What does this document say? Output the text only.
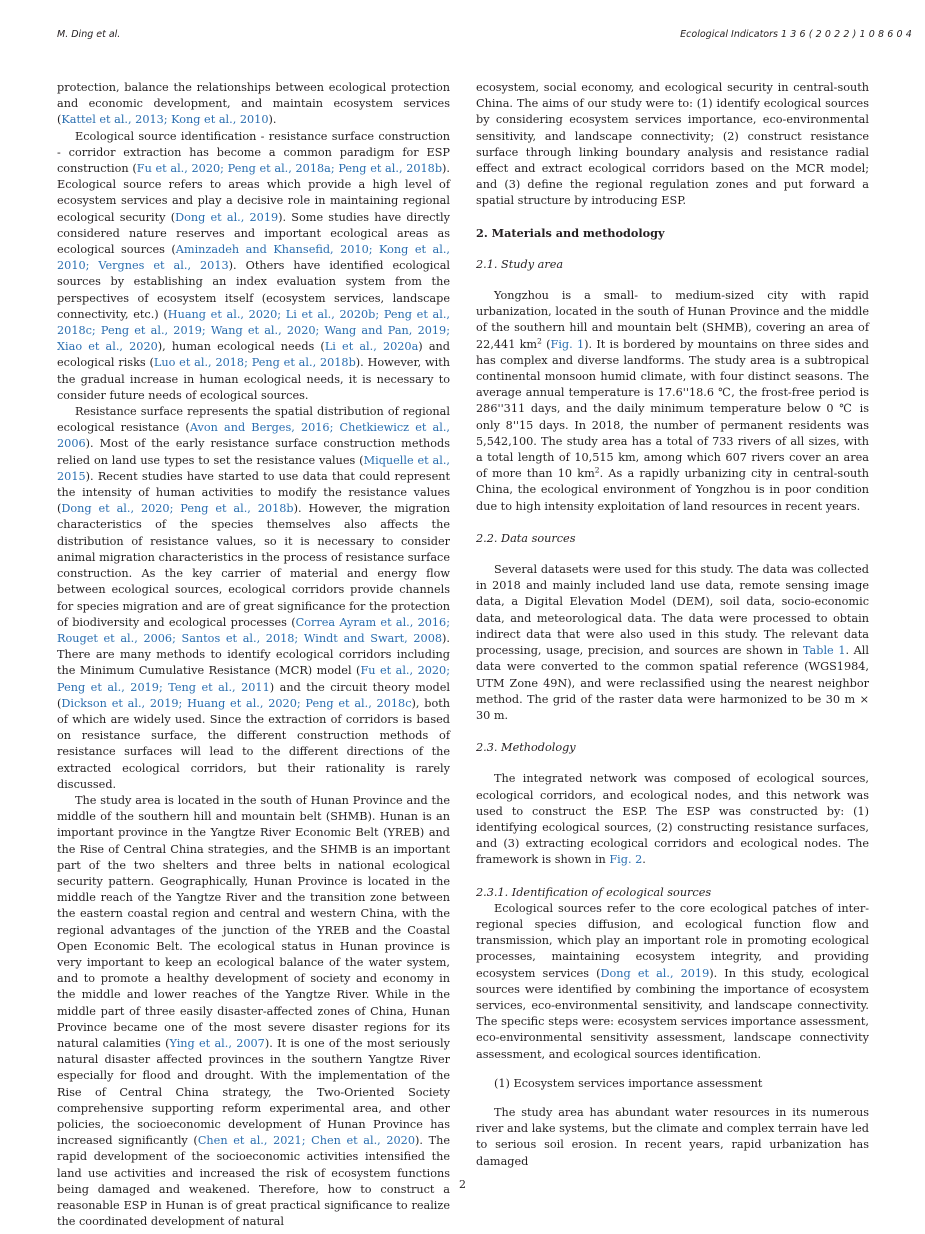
M. Ding et al.	Ecological Indicators 136(2022)108604

protection, balance the relationships between ecological protection and economic development, and maintain ecosystem services (Kattel et al., 2013; Kong et al., 2010).

Ecological source identification - resistance surface construction - corridor extraction has become a common paradigm for ESP construction (Fu et al., 2020; Peng et al., 2018a; Peng et al., 2018b). Ecological source refers to areas which provide a high level of ecosystem services and play a decisive role in maintaining regional ecological security (Dong et al., 2019). Some studies have directly considered nature reserves and important ecological areas as ecological sources (Aminzadeh and Khansefid, 2010; Kong et al., 2010; Vergnes et al., 2013). Others have identified ecological sources by establishing an index evaluation system from the perspectives of ecosystem itself (ecosystem services, landscape connectivity, etc.) (Huang et al., 2020; Li et al., 2020b; Peng et al., 2018c; Peng et al., 2019; Wang et al., 2020; Wang and Pan, 2019; Xiao et al., 2020), human ecological needs (Li et al., 2020a) and ecological risks (Luo et al., 2018; Peng et al., 2018b). However, with the gradual increase in human ecological needs, it is necessary to consider future needs of ecological sources.

Resistance surface represents the spatial distribution of regional ecological resistance (Avon and Berges, 2016; Chetkiewicz et al., 2006). Most of the early resistance surface construction methods relied on land use types to set the resistance values (Miquelle et al., 2015). Recent studies have started to use data that could represent the intensity of human activities to modify the resistance values (Dong et al., 2020; Peng et al., 2018b). However, the migration characteristics of the species themselves also affects the distribution of resistance values, so it is necessary to consider animal migration characteristics in the process of resistance surface construction. As the key carrier of material and energy flow between ecological sources, ecological corridors provide channels for species migration and are of great significance for the protection of biodiversity and ecological processes (Correa Ayram et al., 2016; Rouget et al., 2006; Santos et al., 2018; Windt and Swart, 2008). There are many methods to identify ecological corridors including the Minimum Cumulative Resistance (MCR) model (Fu et al., 2020; Peng et al., 2019; Teng et al., 2011) and the circuit theory model (Dickson et al., 2019; Huang et al., 2020; Peng et al., 2018c), both of which are widely used. Since the extraction of corridors is based on resistance surface, the different construction methods of resistance surfaces will lead to the different directions of the extracted ecological corridors, but their rationality is rarely discussed.

The study area is located in the south of Hunan Province and the middle of the southern hill and mountain belt (SHMB). Hunan is an important province in the Yangtze River Economic Belt (YREB) and the Rise of Central China strategies, and the SHMB is an important part of the two shelters and three belts in national ecological security pattern. Geographically, Hunan Province is located in the middle reach of the Yangtze River and the transition zone between the eastern coastal region and central and western China, with the regional advantages of the junction of the YREB and the Coastal Open Economic Belt. The ecological status in Hunan province is very important to keep an ecological balance of the water system, and to promote a healthy development of society and economy in the middle and lower reaches of the Yangtze River. While in the middle part of three easily disaster-affected zones of China, Hunan Province became one of the most severe disaster regions for its natural calamities (Ying et al., 2007). It is one of the most seriously natural disaster affected provinces in the southern Yangtze River especially for flood and drought. With the implementation of the Rise of Central China strategy, the Two-Oriented Society comprehensive supporting reform experimental area, and other policies, the socioeconomic development of Hunan Province has increased significantly (Chen et al., 2021; Chen et al., 2020). The rapid development of the socioeconomic activities intensified the land use activities and increased the risk of ecosystem functions being damaged and weakened. Therefore, how to construct a reasonable ESP in Hunan is of great practical significance to realize the coordinated development of natural

ecosystem, social economy, and ecological security in central-south China. The aims of our study were to: (1) identify ecological sources by considering ecosystem services importance, eco-environmental sensitivity, and landscape connectivity; (2) construct resistance surface through linking boundary analysis and resistance radial effect and extract ecological corridors based on the MCR model; and (3) define the regional regulation zones and put forward a spatial structure by introducing ESP.

2. Materials and methodology
2.1. Study area

Yongzhou is a small- to medium-sized city with rapid urbanization, located in the south of Hunan Province and the middle of the southern hill and mountain belt (SHMB), covering an area of 22,441 $km^2$ (Fig. 1). It is bordered by mountains on three sides and has complex and diverse landforms. The study area is a subtropical continental monsoon humid climate, with four distinct seasons. The average annual temperature is 17.6''18.6 ℃, the frost-free period is 286''311 days, and the daily minimum temperature below 0 ℃ is only 8''15 days. In 2018, the number of permanent residents was 5,542,100. The study area has a total of 733 rivers of all sizes, with a total length of 10,515 km, among which 607 rivers cover an area of more than 10 $km^2$. As a rapidly urbanizing city in central-south China, the ecological environment of Yongzhou is in poor condition due to high intensity exploitation of land resources in recent years.

2.2. Data sources

Several datasets were used for this study. The data was collected in 2018 and mainly included land use data, remote sensing image data, a Digital Elevation Model (DEM), soil data, socio-economic data, and meteorological data. The data were processed to obtain indirect data that were also used in this study. The relevant data processing, usage, precision, and sources are shown in Table 1. All data were converted to the common spatial reference (WGS1984, UTM Zone 49N), and were reclassified using the nearest neighbor method. The grid of the raster data were harmonized to be 30 m × 30 m.

2.3. Methodology

The integrated network was composed of ecological sources, ecological corridors, and ecological nodes, and this network was used to construct the ESP. The ESP was constructed by: (1) identifying ecological sources, (2) constructing resistance surfaces, and (3) extracting ecological corridors and ecological nodes. The framework is shown in Fig. 2.

2.3.1. Identification of ecological sources

Ecological sources refer to the core ecological patches of inter-regional species diffusion, and ecological function flow and transmission, which play an important role in promoting ecological processes, maintaining ecosystem integrity, and providing ecosystem services (Dong et al., 2019). In this study, ecological sources were identified by combining the importance of ecosystem services, eco-environmental sensitivity, and landscape connectivity. The specific steps were: ecosystem services importance assessment, eco-environmental sensitivity assessment, landscape connectivity assessment, and ecological sources identification.

(1) Ecosystem services importance assessment

The study area has abundant water resources in its numerous river and lake systems, but the climate and complex terrain have led to serious soil erosion. In recent years, rapid urbanization has damaged

2
